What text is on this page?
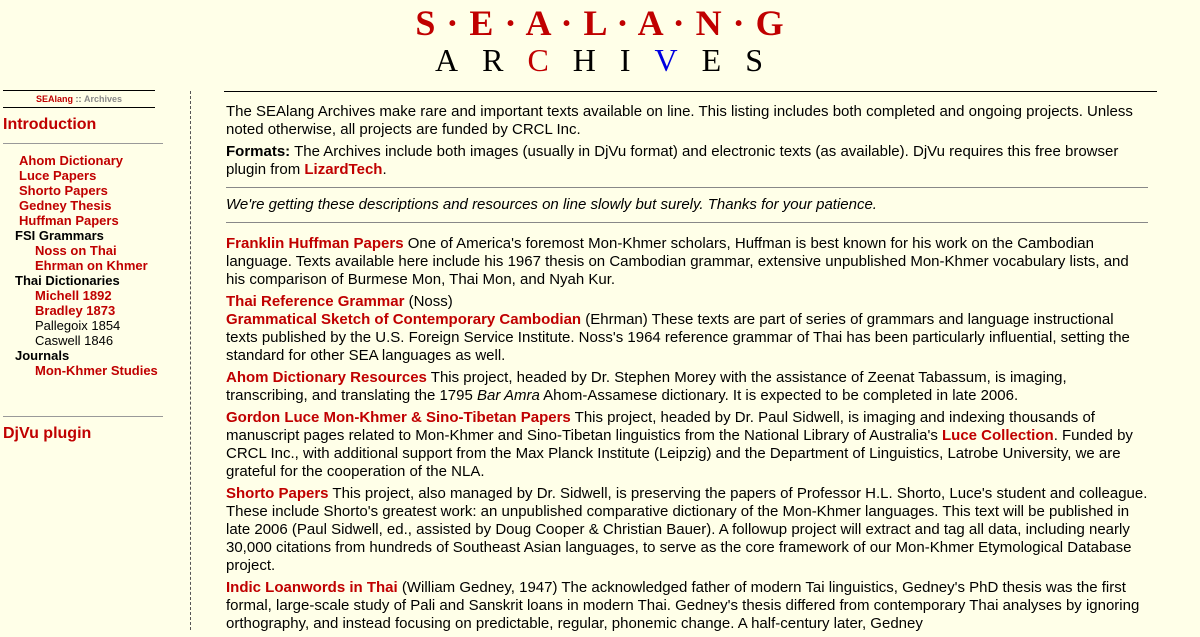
S · E · A · L · A · N · G
A R C H I V E S
SEAlang :: Archives
Introduction
Ahom Dictionary
Luce Papers
Shorto Papers
Gedney Thesis
Huffman Papers
FSI Grammars
Noss on Thai
Ehrman on Khmer
Thai Dictionaries
Michell 1892
Bradley 1873
Pallegoix 1854
Caswell 1846
Journals
Mon-Khmer Studies
DjVu plugin

The SEAlang Archives make rare and important texts available on line. This listing includes both completed and ongoing projects. Unless noted otherwise, all projects are funded by CRCL Inc.

Formats: The Archives include both images (usually in DjVu format) and electronic texts (as available). DjVu requires this free browser plugin from LizardTech.

We're getting these descriptions and resources on line slowly but surely. Thanks for your patience.

Franklin Huffman Papers One of America's foremost Mon-Khmer scholars, Huffman is best known for his work on the Cambodian language. Texts available here include his 1967 thesis on Cambodian grammar, extensive unpublished Mon-Khmer vocabulary lists, and his comparison of Burmese Mon, Thai Mon, and Nyah Kur.

Thai Reference Grammar (Noss)
Grammatical Sketch of Contemporary Cambodian (Ehrman) These texts are part of series of grammars and language instructional texts published by the U.S. Foreign Service Institute. Noss's 1964 reference grammar of Thai has been particularly influential, setting the standard for other SEA languages as well.

Ahom Dictionary Resources This project, headed by Dr. Stephen Morey with the assistance of Zeenat Tabassum, is imaging, transcribing, and translating the 1795 Bar Amra Ahom-Assamese dictionary. It is expected to be completed in late 2006.

Gordon Luce Mon-Khmer & Sino-Tibetan Papers This project, headed by Dr. Paul Sidwell, is imaging and indexing thousands of manuscript pages related to Mon-Khmer and Sino-Tibetan linguistics from the National Library of Australia's Luce Collection. Funded by CRCL Inc., with additional support from the Max Planck Institute (Leipzig) and the Department of Linguistics, Latrobe University, we are grateful for the cooperation of the NLA.

Shorto Papers This project, also managed by Dr. Sidwell, is preserving the papers of Professor H.L. Shorto, Luce's student and colleague. These include Shorto's greatest work: an unpublished comparative dictionary of the Mon-Khmer languages. This text will be published in late 2006 (Paul Sidwell, ed., assisted by Doug Cooper & Christian Bauer). A followup project will extract and tag all data, including nearly 30,000 citations from hundreds of Southeast Asian languages, to serve as the core framework of our Mon-Khmer Etymological Database project.

Indic Loanwords in Thai (William Gedney, 1947) The acknowledged father of modern Tai linguistics, Gedney's PhD thesis was the first formal, large-scale study of Pali and Sanskrit loans in modern Thai. Gedney's thesis differed from contemporary Thai analyses by ignoring orthography, and instead focusing on predictable, regular, phonemic change. A half-century later, Gedney
